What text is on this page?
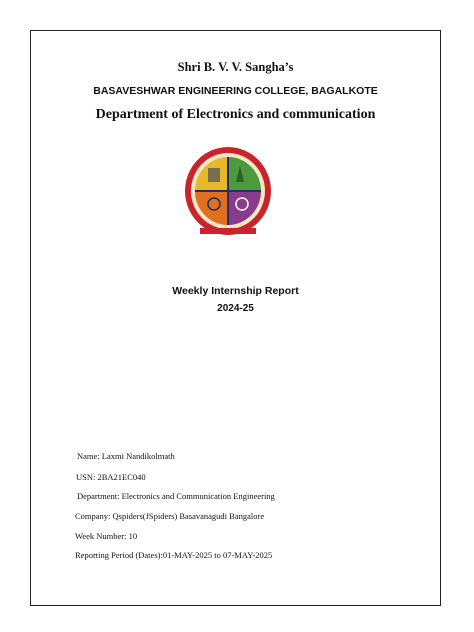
Shri B. V. V. Sangha’s
BASAVESHWAR ENGINEERING COLLEGE, BAGALKOTE
Department of Electronics and communication
Weekly Internship Report
2024-25
Name: Laxmi Nandikolmath
USN: 2BA21EC040
Department: Electronics and Communication Engineering
Company: Qspiders(JSpiders) Basavanagudi Bangalore
Week Number: 10
Reporting Period (Dates):01-MAY-2025 to 07-MAY-2025
